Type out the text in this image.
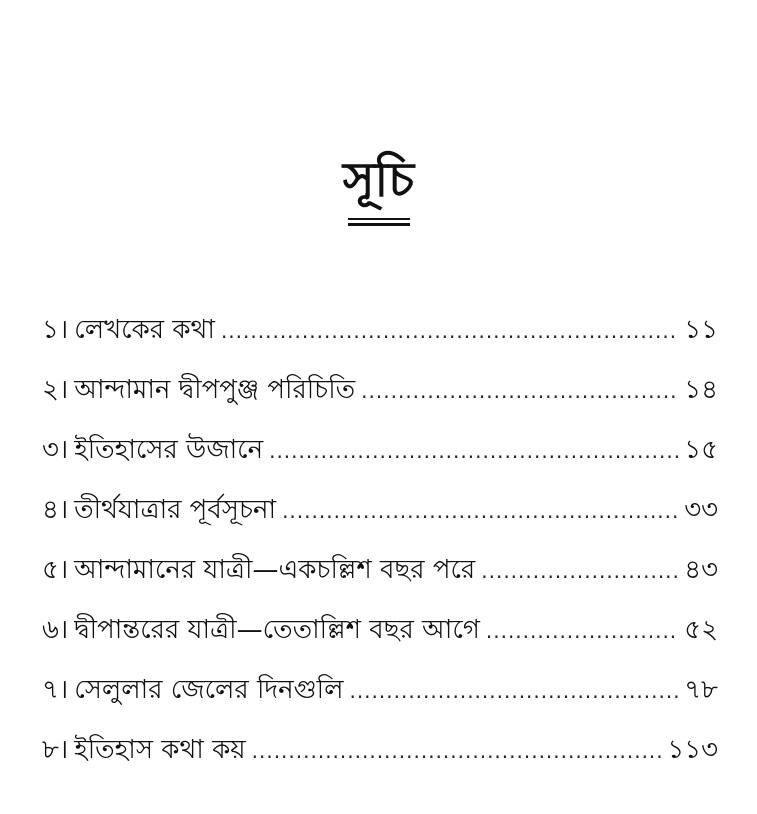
সূচি
১। লেখকের কথা .....	১১
২। আন্দামান দ্বীপপুঞ্জ পরিচিতি .....	১৪
৩। ইতিহাসের উজানে .....	১৫
৪। তীর্থযাত্রার পূর্বসূচনা .....	৩৩
৫। আন্দামানের যাত্রী—একচল্লিশ বছর পরে .....	৪৩
৬। দ্বীপান্তরের যাত্রী—তেতাল্লিশ বছর আগে .....	৫২
৭। সেলুলার জেলের দিনগুলি .....	৭৮
৮। ইতিহাস কথা কয় .....	১১৩
